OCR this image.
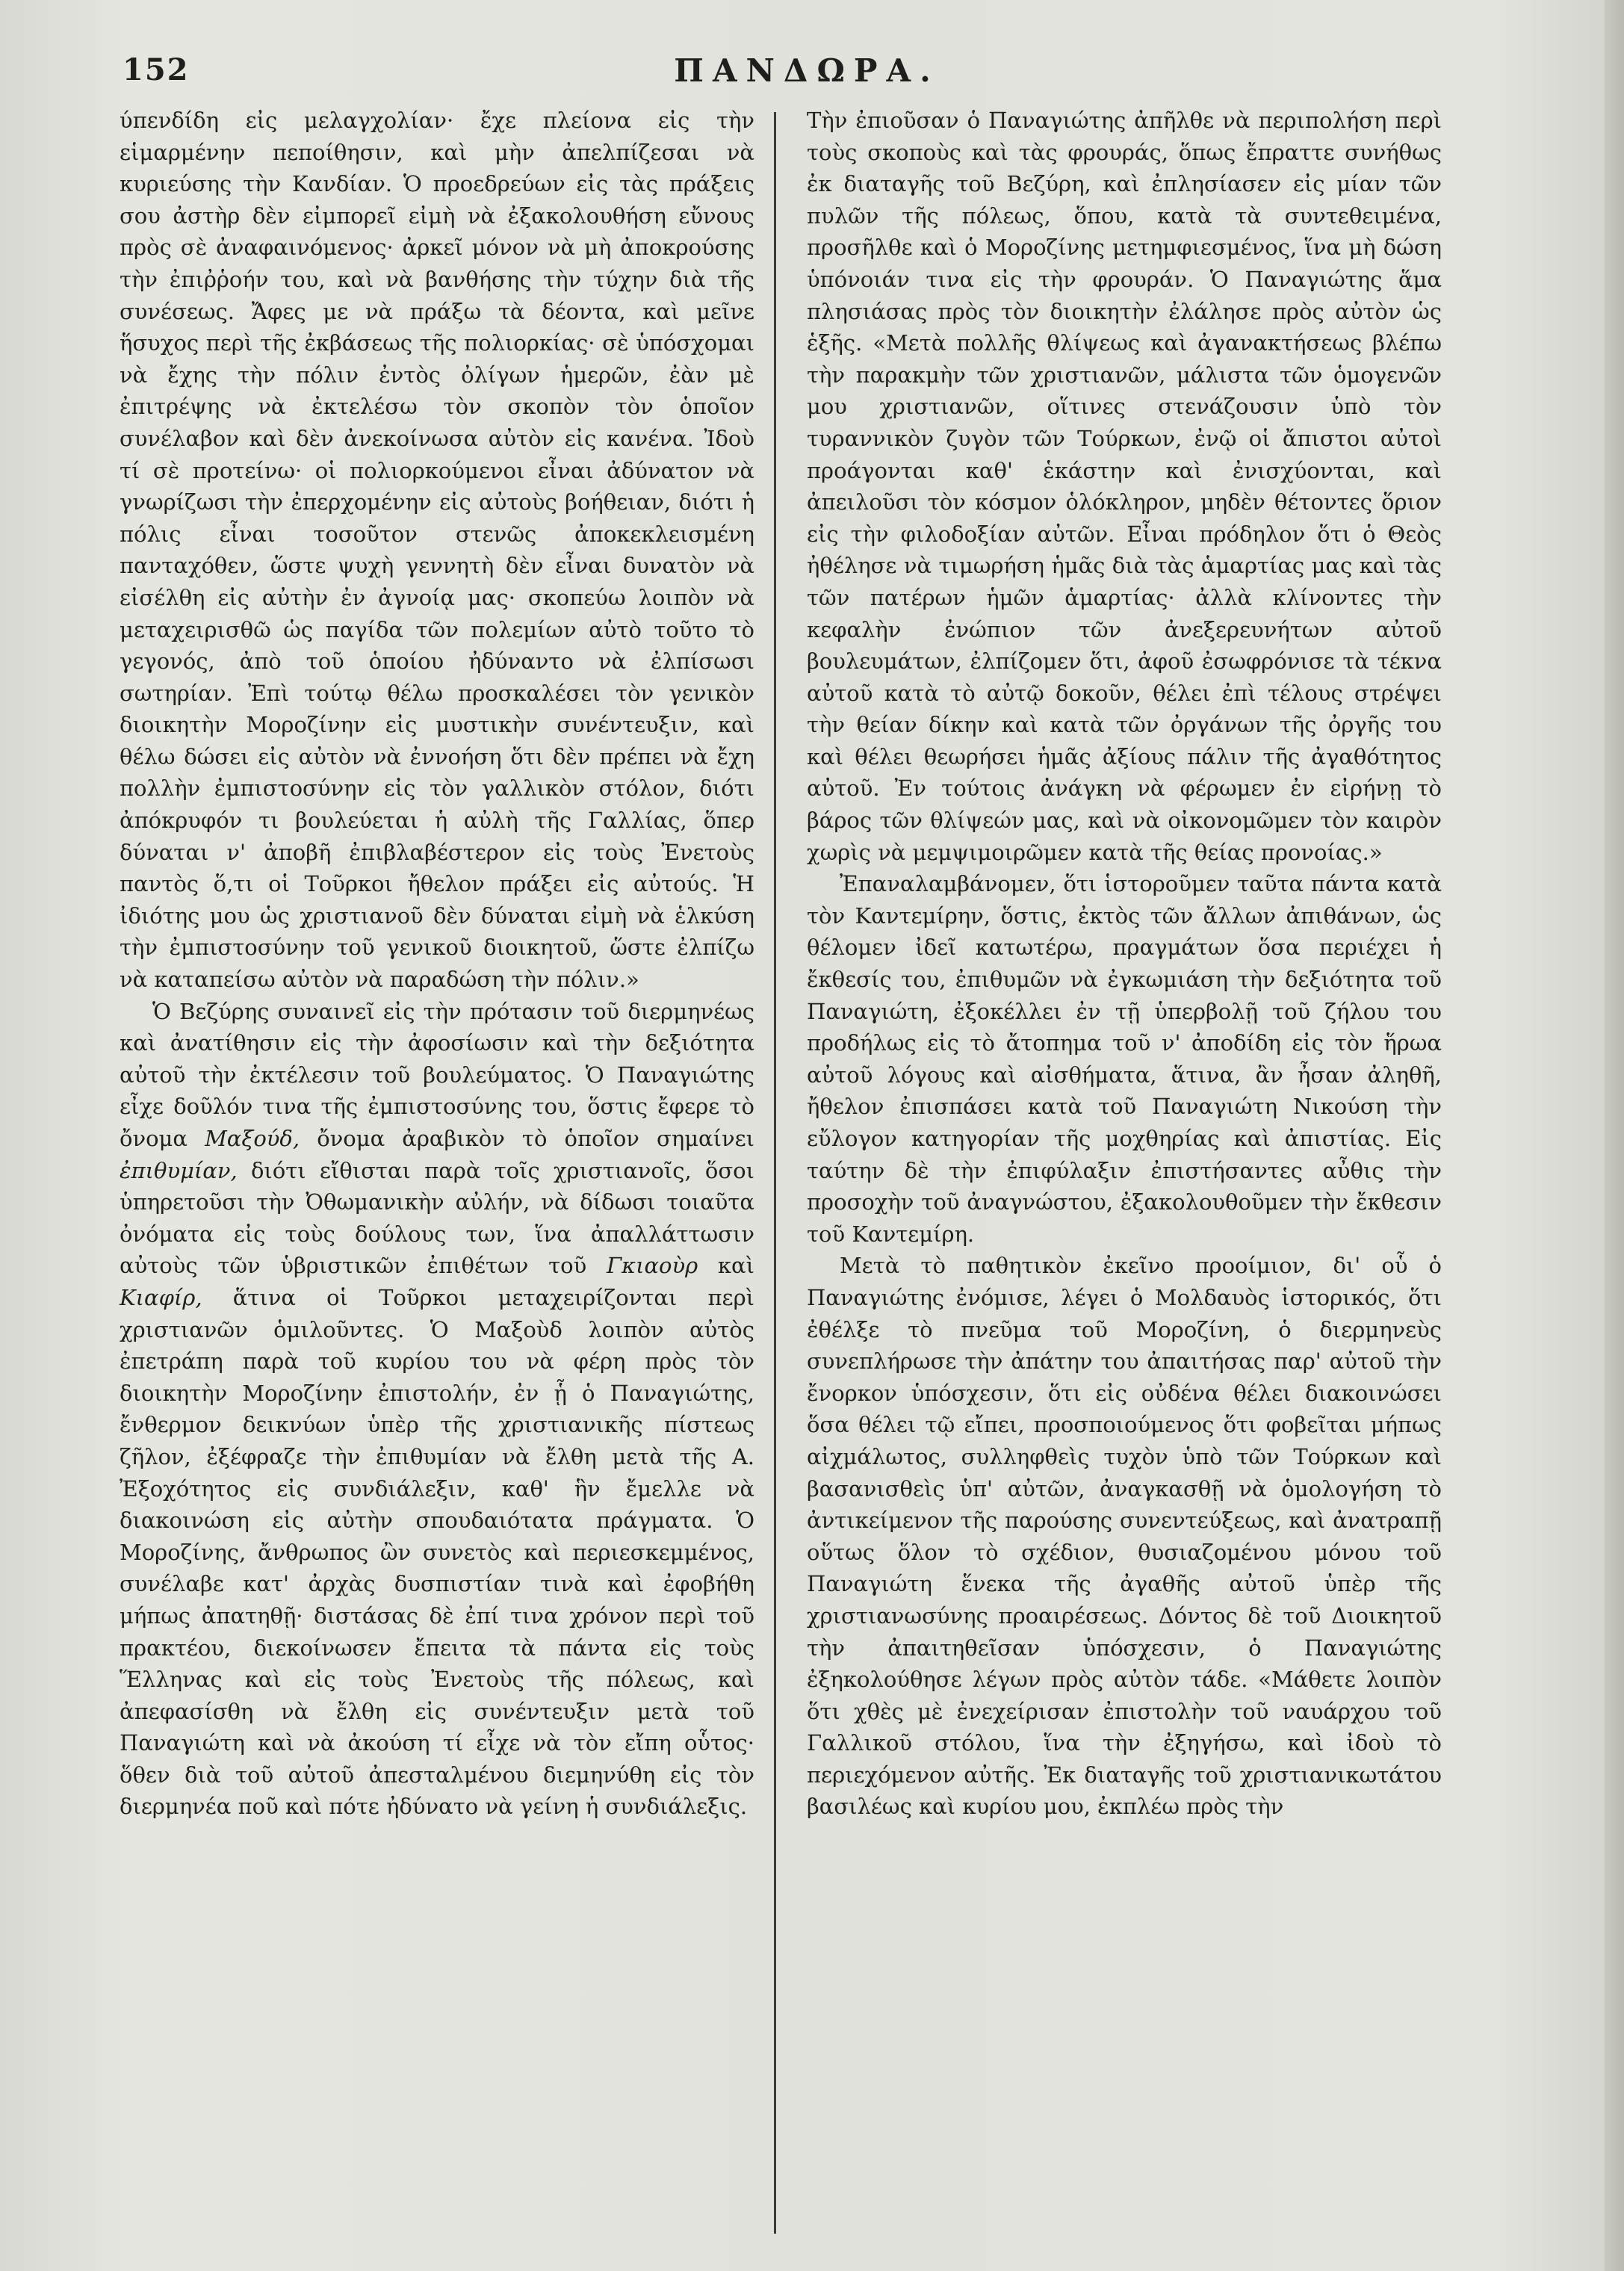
152	ΠΑΝΔΩΡΑ.

ύπενδίδη εἰς μελαγχολίαν· ἔχε πλείονα εἰς τὴν εἱμαρμένην πεποίθησιν, καὶ μὴν ἀπελπίζεσαι νὰ κυριεύσης τὴν Κανδίαν. Ὁ προεδρεύων εἰς τὰς πράξεις σου ἀστὴρ δὲν εἰμπορεῖ εἰμὴ νὰ ἐξακολουθήση εὔνους πρὸς σὲ ἀναφαινόμενος· ἀρκεῖ μόνον νὰ μὴ ἀποκρούσης τὴν ἐπιῤῥοήν του, καὶ νὰ βανθήσης τὴν τύχην διὰ τῆς συνέσεως. Ἄφες με νὰ πράξω τὰ δέοντα, καὶ μεῖνε ἥσυχος περὶ τῆς ἐκβάσεως τῆς πολιορκίας· σὲ ὑπόσχομαι νὰ ἔχης τὴν πόλιν ἐντὸς ὀλίγων ἡμερῶν, ἐὰν μὲ ἐπιτρέψης νὰ ἐκτελέσω τὸν σκοπὸν τὸν ὁποῖον συνέλαβον καὶ δὲν ἀνεκοίνωσα αὐτὸν εἰς κανένα. Ἰδοὺ τί σὲ προτείνω· οἱ πολιορκούμενοι εἶναι ἀδύνατον νὰ γνωρίζωσι τὴν ἐπερχομένην εἰς αὐτοὺς βοήθειαν, διότι ἡ πόλις εἶναι τοσοῦτον στενῶς ἀποκεκλεισμένη πανταχόθεν, ὥστε ψυχὴ γεννητὴ δὲν εἶναι δυνατὸν νὰ εἰσέλθη εἰς αὐτὴν ἐν ἀγνοίᾳ μας· σκοπεύω λοιπὸν νὰ μεταχειρισθῶ ὡς παγίδα τῶν πολεμίων αὐτὸ τοῦτο τὸ γεγονός, ἀπὸ τοῦ ὁποίου ἠδύναντο νὰ ἐλπίσωσι σωτηρίαν. Ἐπὶ τούτῳ θέλω προσκαλέσει τὸν γενικὸν διοικητὴν Μοροζίνην εἰς μυστικὴν συνέντευξιν, καὶ θέλω δώσει εἰς αὐτὸν νὰ ἐννοήση ὅτι δὲν πρέπει νὰ ἔχη πολλὴν ἐμπιστοσύνην εἰς τὸν γαλλικὸν στόλον, διότι ἀπόκρυφόν τι βουλεύεται ἡ αὐλὴ τῆς Γαλλίας, ὅπερ δύναται ν' ἀποβῆ ἐπιβλαβέστερον εἰς τοὺς Ἐνετοὺς παντὸς ὅ,τι οἱ Τοῦρκοι ἤθελον πράξει εἰς αὐτούς. Ἡ ἰδιότης μου ὡς χριστιανοῦ δὲν δύναται εἰμὴ νὰ ἑλκύση τὴν ἐμπιστοσύνην τοῦ γενικοῦ διοικητοῦ, ὥστε ἐλπίζω νὰ καταπείσω αὐτὸν νὰ παραδώση τὴν πόλιν.»

Ὁ Βεζύρης συναινεῖ εἰς τὴν πρότασιν τοῦ διερμηνέως καὶ ἀνατίθησιν εἰς τὴν ἀφοσίωσιν καὶ τὴν δεξιότητα αὐτοῦ τὴν ἐκτέλεσιν τοῦ βουλεύματος. Ὁ Παναγιώτης εἶχε δοῦλόν τινα τῆς ἐμπιστοσύνης του, ὅστις ἔφερε τὸ ὄνομα Μαξούδ, ὄνομα ἀραβικὸν τὸ ὁποῖον σημαίνει ἐπιθυμίαν, διότι εἴθισται παρὰ τοῖς χριστιανοῖς, ὅσοι ὑπηρετοῦσι τὴν Ὀθωμανικὴν αὐλήν, νὰ δίδωσι τοιαῦτα ὀνόματα εἰς τοὺς δούλους των, ἵνα ἀπαλλάττωσιν αὐτοὺς τῶν ὑβριστικῶν ἐπιθέτων τοῦ Γκιαοὺρ καὶ Κιαφίρ, ἅτινα οἱ Τοῦρκοι μεταχειρίζονται περὶ χριστιανῶν ὁμιλοῦντες. Ὁ Μαξοὺδ λοιπὸν αὐτὸς ἐπετράπη παρὰ τοῦ κυρίου του νὰ φέρη πρὸς τὸν διοικητὴν Μοροζίνην ἐπιστολήν, ἐν ᾗ ὁ Παναγιώτης, ἔνθερμον δεικνύων ὑπὲρ τῆς χριστιανικῆς πίστεως ζῆλον, ἐξέφραζε τὴν ἐπιθυμίαν νὰ ἔλθη μετὰ τῆς Α. Ἐξοχότητος εἰς συνδιάλεξιν, καθ' ἣν ἔμελλε νὰ διακοινώση εἰς αὐτὴν σπουδαιότατα πράγματα. Ὁ Μοροζίνης, ἄνθρωπος ὢν συνετὸς καὶ περιεσκεμμένος, συνέλαβε κατ' ἀρχὰς δυσπιστίαν τινὰ καὶ ἐφοβήθη μήπως ἀπατηθῇ· διστάσας δὲ ἐπί τινα χρόνον περὶ τοῦ πρακτέου, διεκοίνωσεν ἔπειτα τὰ πάντα εἰς τοὺς Ἕλληνας καὶ εἰς τοὺς Ἐνετοὺς τῆς πόλεως, καὶ ἀπεφασίσθη νὰ ἔλθη εἰς συνέντευξιν μετὰ τοῦ Παναγιώτη καὶ νὰ ἀκούση τί εἶχε νὰ τὸν εἴπη οὗτος· ὅθεν διὰ τοῦ αὐτοῦ ἀπεσταλμένου διεμηνύθη εἰς τὸν διερμηνέα ποῦ καὶ πότε ἠδύνατο νὰ γείνη ἡ συνδιάλεξις.

Τὴν ἐπιοῦσαν ὁ Παναγιώτης ἀπῆλθε νὰ περιπολήση περὶ τοὺς σκοποὺς καὶ τὰς φρουράς, ὅπως ἔπραττε συνήθως ἐκ διαταγῆς τοῦ Βεζύρη, καὶ ἐπλησίασεν εἰς μίαν τῶν πυλῶν τῆς πόλεως, ὅπου, κατὰ τὰ συντεθειμένα, προσῆλθε καὶ ὁ Μοροζίνης μετημφιεσμένος, ἵνα μὴ δώση ὑπόνοιάν τινα εἰς τὴν φρουράν. Ὁ Παναγιώτης ἅμα πλησιάσας πρὸς τὸν διοικητὴν ἐλάλησε πρὸς αὐτὸν ὡς ἑξῆς. «Μετὰ πολλῆς θλίψεως καὶ ἀγανακτήσεως βλέπω τὴν παρακμὴν τῶν χριστιανῶν, μάλιστα τῶν ὁμογενῶν μου χριστιανῶν, οἵτινες στενάζουσιν ὑπὸ τὸν τυραννικὸν ζυγὸν τῶν Τούρκων, ἐνῷ οἱ ἄπιστοι αὐτοὶ προάγονται καθ' ἑκάστην καὶ ἐνισχύονται, καὶ ἀπειλοῦσι τὸν κόσμον ὁλόκληρον, μηδὲν θέτοντες ὅριον εἰς τὴν φιλοδοξίαν αὐτῶν. Εἶναι πρόδηλον ὅτι ὁ Θεὸς ἠθέλησε νὰ τιμωρήση ἡμᾶς διὰ τὰς ἁμαρτίας μας καὶ τὰς τῶν πατέρων ἡμῶν ἁμαρτίας· ἀλλὰ κλίνοντες τὴν κεφαλὴν ἐνώπιον τῶν ἀνεξερευνήτων αὐτοῦ βουλευμάτων, ἐλπίζομεν ὅτι, ἀφοῦ ἐσωφρόνισε τὰ τέκνα αὐτοῦ κατὰ τὸ αὐτῷ δοκοῦν, θέλει ἐπὶ τέλους στρέψει τὴν θείαν δίκην καὶ κατὰ τῶν ὀργάνων τῆς ὀργῆς του καὶ θέλει θεωρήσει ἡμᾶς ἀξίους πάλιν τῆς ἀγαθότητος αὐτοῦ. Ἐν τούτοις ἀνάγκη νὰ φέρωμεν ἐν εἰρήνῃ τὸ βάρος τῶν θλίψεών μας, καὶ νὰ οἰκονομῶμεν τὸν καιρὸν χωρὶς νὰ μεμψιμοιρῶμεν κατὰ τῆς θείας προνοίας.»

Ἐπαναλαμβάνομεν, ὅτι ἱστοροῦμεν ταῦτα πάντα κατὰ τὸν Καντεμίρην, ὅστις, ἐκτὸς τῶν ἄλλων ἀπιθάνων, ὡς θέλομεν ἰδεῖ κατωτέρω, πραγμάτων ὅσα περιέχει ἡ ἔκθεσίς του, ἐπιθυμῶν νὰ ἐγκωμιάση τὴν δεξιότητα τοῦ Παναγιώτη, ἐξοκέλλει ἐν τῇ ὑπερβολῇ τοῦ ζήλου του προδήλως εἰς τὸ ἄτοπημα τοῦ ν' ἀποδίδη εἰς τὸν ἥρωα αὐτοῦ λόγους καὶ αἰσθήματα, ἅτινα, ἂν ἦσαν ἀληθῆ, ἤθελον ἐπισπάσει κατὰ τοῦ Παναγιώτη Νικούση τὴν εὔλογον κατηγορίαν τῆς μοχθηρίας καὶ ἀπιστίας. Εἰς ταύτην δὲ τὴν ἐπιφύλαξιν ἐπιστήσαντες αὖθις τὴν προσοχὴν τοῦ ἀναγνώστου, ἐξακολουθοῦμεν τὴν ἔκθεσιν τοῦ Καντεμίρη.

Μετὰ τὸ παθητικὸν ἐκεῖνο προοίμιον, δι' οὗ ὁ Παναγιώτης ἐνόμισε, λέγει ὁ Μολδαυὸς ἱστορικός, ὅτι ἐθέλξε τὸ πνεῦμα τοῦ Μοροζίνη, ὁ διερμηνεὺς συνεπλήρωσε τὴν ἀπάτην του ἀπαιτήσας παρ' αὐτοῦ τὴν ἔνορκον ὑπόσχεσιν, ὅτι εἰς οὐδένα θέλει διακοινώσει ὅσα θέλει τῷ εἴπει, προσποιούμενος ὅτι φοβεῖται μήπως αἰχμάλωτος, συλληφθεὶς τυχὸν ὑπὸ τῶν Τούρκων καὶ βασανισθεὶς ὑπ' αὐτῶν, ἀναγκασθῇ νὰ ὁμολογήση τὸ ἀντικείμενον τῆς παρούσης συνεντεύξεως, καὶ ἀνατραπῇ οὕτως ὅλον τὸ σχέδιον, θυσιαζομένου μόνου τοῦ Παναγιώτη ἕνεκα τῆς ἀγαθῆς αὐτοῦ ὑπὲρ τῆς χριστιανωσύνης προαιρέσεως. Δόντος δὲ τοῦ Διοικητοῦ τὴν ἀπαιτηθεῖσαν ὑπόσχεσιν, ὁ Παναγιώτης ἐξηκολούθησε λέγων πρὸς αὐτὸν τάδε. «Μάθετε λοιπὸν ὅτι χθὲς μὲ ἐνεχείρισαν ἐπιστολὴν τοῦ ναυάρχου τοῦ Γαλλικοῦ στόλου, ἵνα τὴν ἐξηγήσω, καὶ ἰδοὺ τὸ περιεχόμενον αὐτῆς. Ἐκ διαταγῆς τοῦ χριστιανικωτάτου βασιλέως καὶ κυρίου μου, ἐκπλέω πρὸς τὴν
